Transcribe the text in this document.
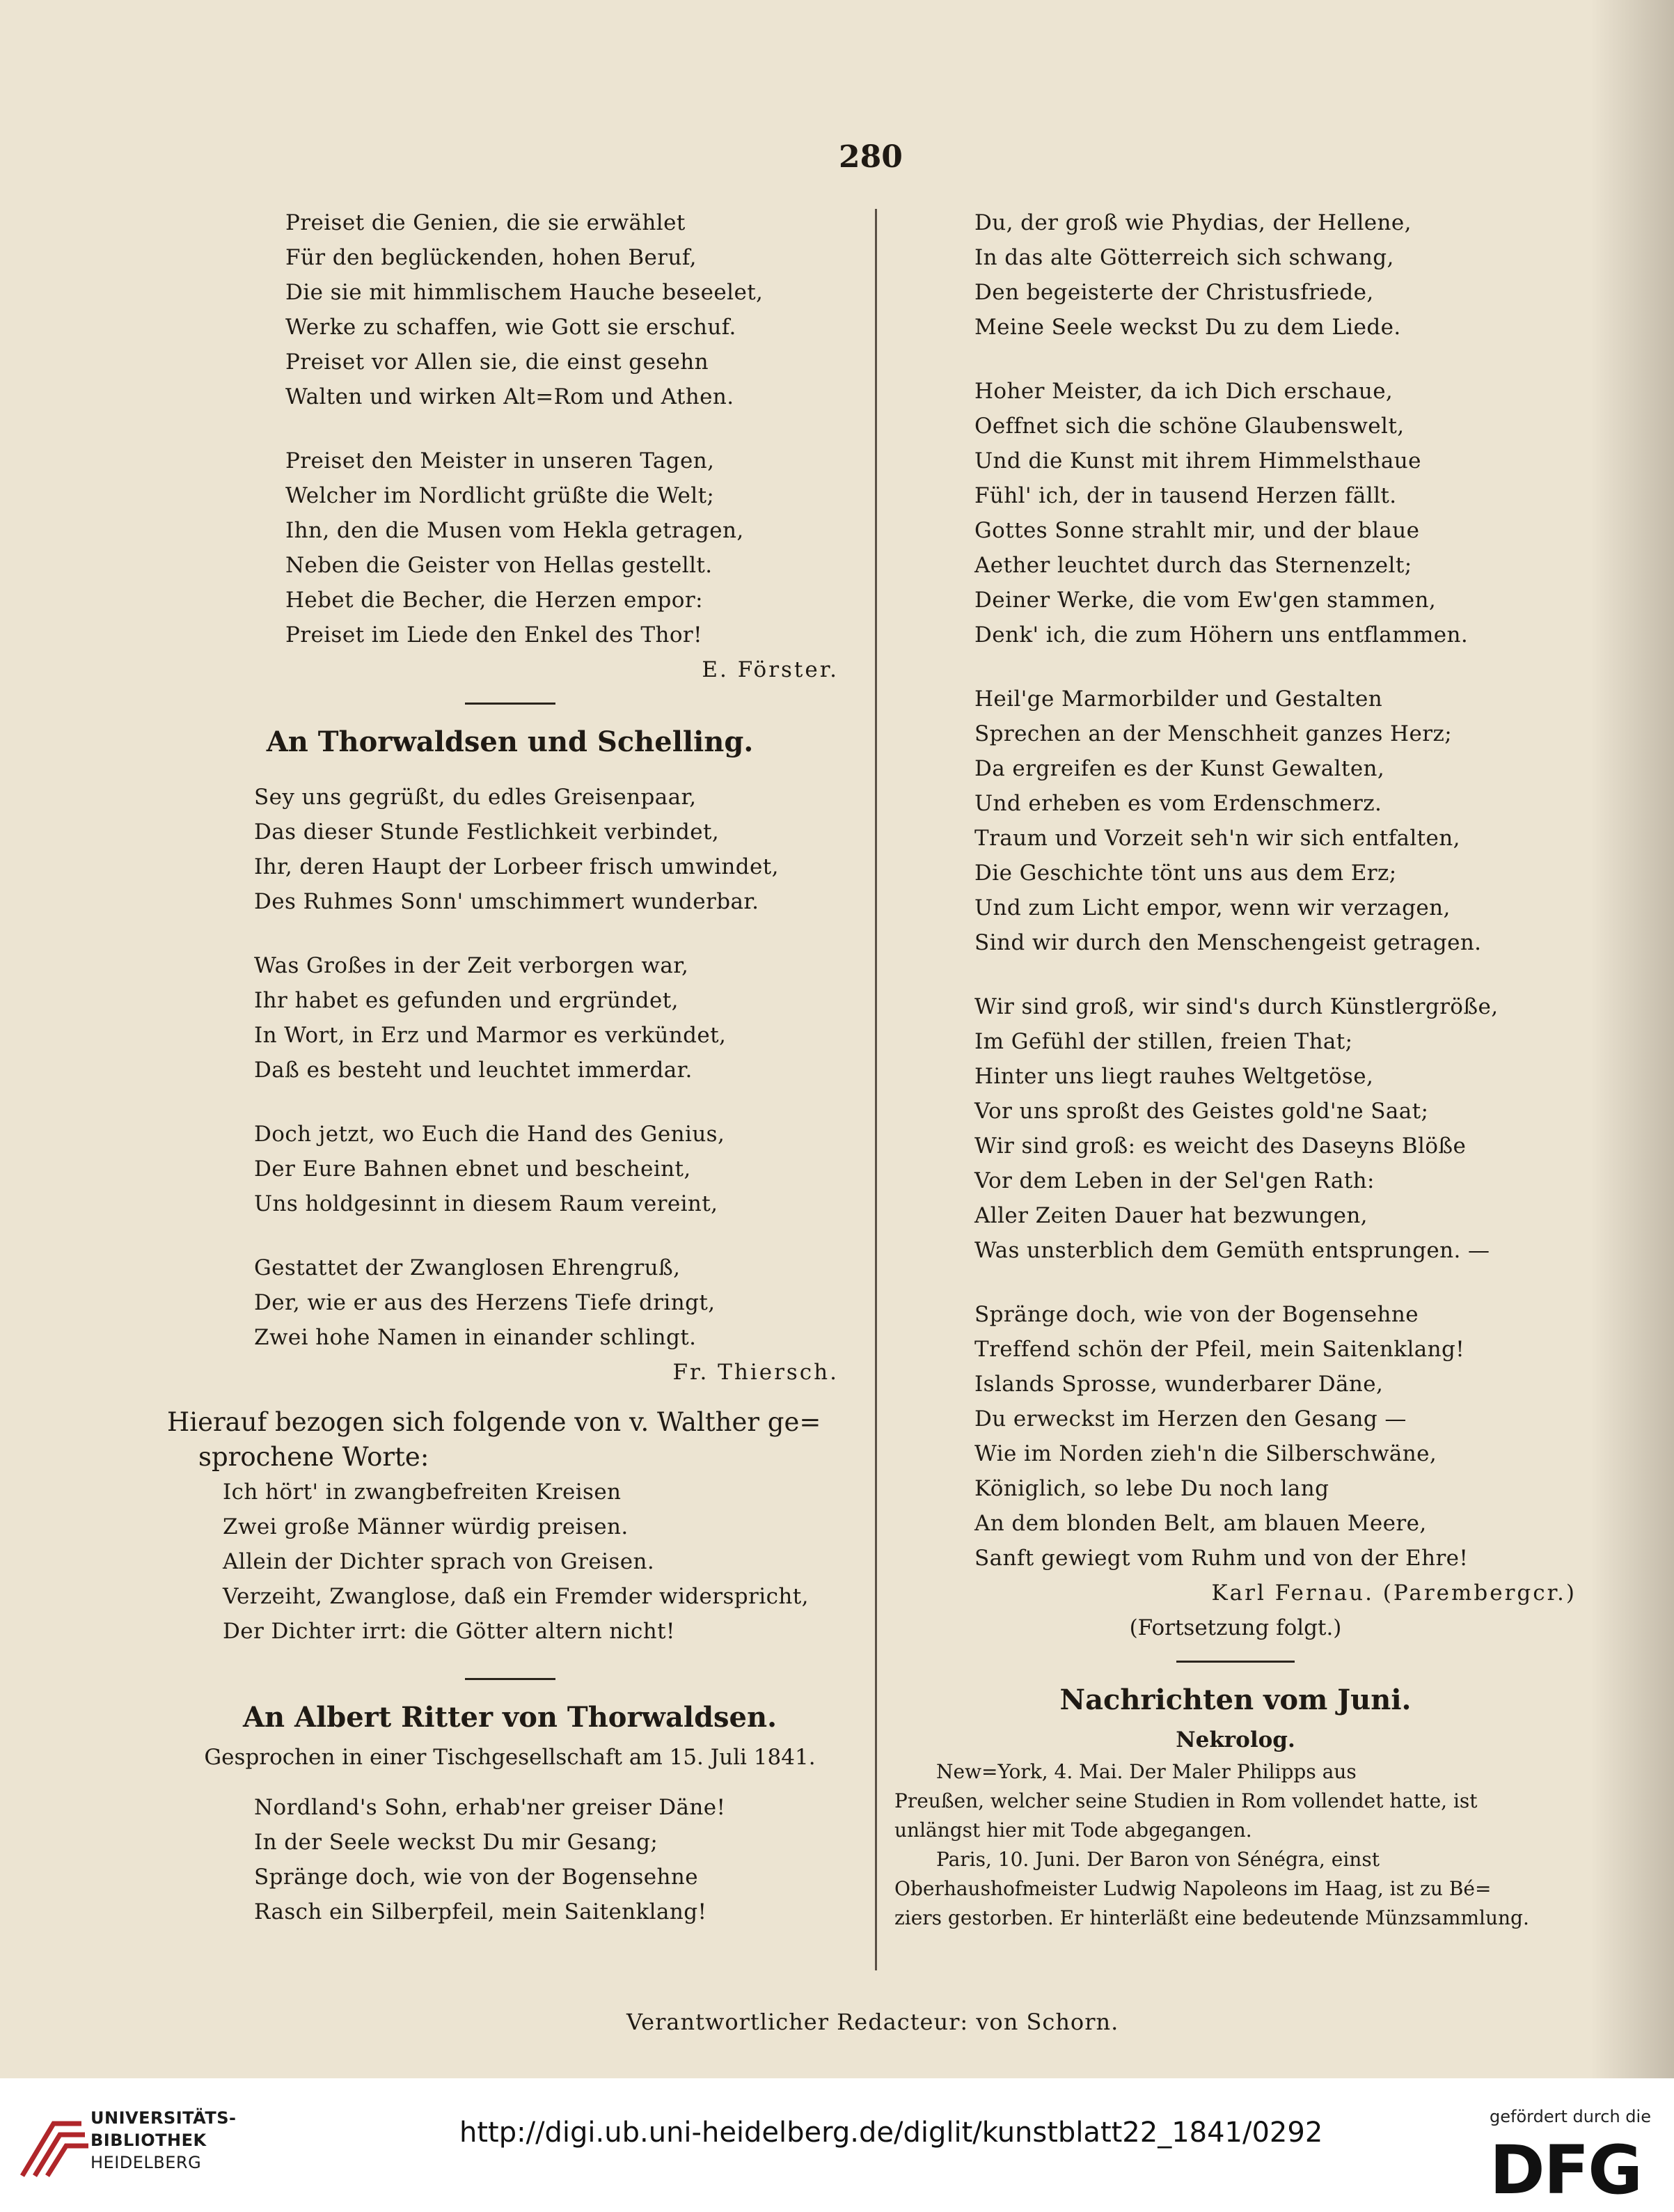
280
Preiset die Genien, die sie erwählet
Für den beglückenden, hohen Beruf,
Die sie mit himmlischem Hauche beseelet,
Werke zu schaffen, wie Gott sie erschuf.
Preiset vor Allen sie, die einst gesehn
Walten und wirken Alt=Rom und Athen.
Preiset den Meister in unseren Tagen,
Welcher im Nordlicht grüßte die Welt;
Ihn, den die Musen vom Hekla getragen,
Neben die Geister von Hellas gestellt.
Hebet die Becher, die Herzen empor:
Preiset im Liede den Enkel des Thor!
E. Förster.
An Thorwaldsen und Schelling.
Sey uns gegrüßt, du edles Greisenpaar,
Das dieser Stunde Festlichkeit verbindet,
Ihr, deren Haupt der Lorbeer frisch umwindet,
Des Ruhmes Sonn' umschimmert wunderbar.
Was Großes in der Zeit verborgen war,
Ihr habet es gefunden und ergründet,
In Wort, in Erz und Marmor es verkündet,
Daß es besteht und leuchtet immerdar.
Doch jetzt, wo Euch die Hand des Genius,
Der Eure Bahnen ebnet und bescheint,
Uns holdgesinnt in diesem Raum vereint,
Gestattet der Zwanglosen Ehrengruß,
Der, wie er aus des Herzens Tiefe dringt,
Zwei hohe Namen in einander schlingt.
Fr. Thiersch.
Hierauf bezogen sich folgende von v. Walther ge=
sprochene Worte:
Ich hört' in zwangbefreiten Kreisen
Zwei große Männer würdig preisen.
Allein der Dichter sprach von Greisen.
Verzeiht, Zwanglose, daß ein Fremder widerspricht,
Der Dichter irrt: die Götter altern nicht!
An Albert Ritter von Thorwaldsen.
Gesprochen in einer Tischgesellschaft am 15. Juli 1841.
Nordland's Sohn, erhab'ner greiser Däne!
In der Seele weckst Du mir Gesang;
Spränge doch, wie von der Bogensehne
Rasch ein Silberpfeil, mein Saitenklang!
Du, der groß wie Phydias, der Hellene,
In das alte Götterreich sich schwang,
Den begeisterte der Christusfriede,
Meine Seele weckst Du zu dem Liede.
Hoher Meister, da ich Dich erschaue,
Oeffnet sich die schöne Glaubenswelt,
Und die Kunst mit ihrem Himmelsthaue
Fühl' ich, der in tausend Herzen fällt.
Gottes Sonne strahlt mir, und der blaue
Aether leuchtet durch das Sternenzelt;
Deiner Werke, die vom Ew'gen stammen,
Denk' ich, die zum Höhern uns entflammen.
Heil'ge Marmorbilder und Gestalten
Sprechen an der Menschheit ganzes Herz;
Da ergreifen es der Kunst Gewalten,
Und erheben es vom Erdenschmerz.
Traum und Vorzeit seh'n wir sich entfalten,
Die Geschichte tönt uns aus dem Erz;
Und zum Licht empor, wenn wir verzagen,
Sind wir durch den Menschengeist getragen.
Wir sind groß, wir sind's durch Künstlergröße,
Im Gefühl der stillen, freien That;
Hinter uns liegt rauhes Weltgetöse,
Vor uns sproßt des Geistes gold'ne Saat;
Wir sind groß: es weicht des Daseyns Blöße
Vor dem Leben in der Sel'gen Rath:
Aller Zeiten Dauer hat bezwungen,
Was unsterblich dem Gemüth entsprungen. —
Spränge doch, wie von der Bogensehne
Treffend schön der Pfeil, mein Saitenklang!
Islands Sprosse, wunderbarer Däne,
Du erweckst im Herzen den Gesang —
Wie im Norden zieh'n die Silberschwäne,
Königlich, so lebe Du noch lang
An dem blonden Belt, am blauen Meere,
Sanft gewiegt vom Ruhm und von der Ehre!
Karl Fernau. (Parembergcr.)
(Fortsetzung folgt.)
Nachrichten vom Juni.
Nekrolog.
New=York, 4. Mai. Der Maler Philipps aus
Preußen, welcher seine Studien in Rom vollendet hatte, ist
unlängst hier mit Tode abgegangen.
Paris, 10. Juni. Der Baron von Sénégra, einst
Oberhaushofmeister Ludwig Napoleons im Haag, ist zu Bé=
ziers gestorben. Er hinterläßt eine bedeutende Münzsammlung.
Verantwortlicher Redacteur: von Schorn.
UNIVERSITÄTS-
BIBLIOTHEK
HEIDELBERG
http://digi.ub.uni-heidelberg.de/diglit/kunstblatt22_1841/0292	gefördert durch die
DFG
